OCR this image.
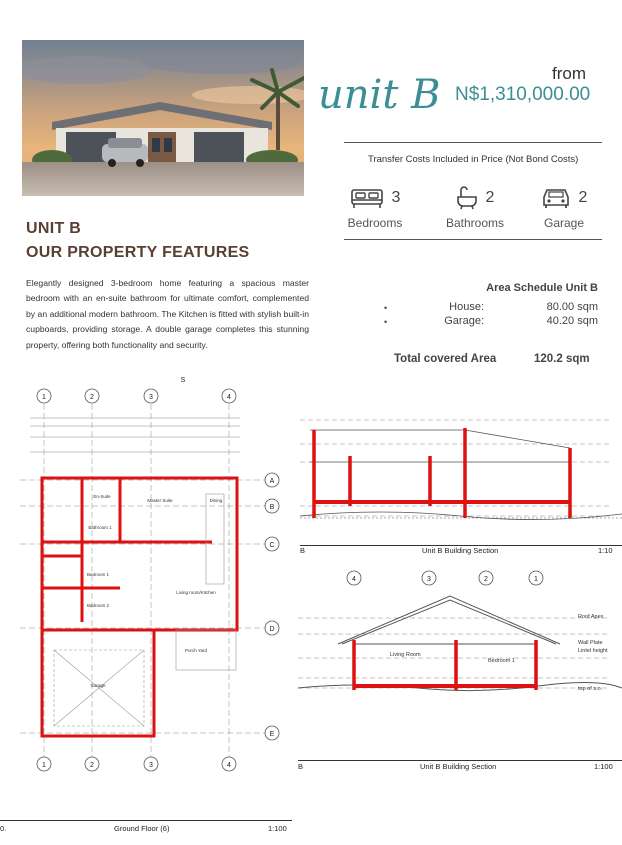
unit B	from
N$1,310,000.00
Transfer Costs Included in Price (Not Bond Costs)
3
Bedrooms
2
Bathrooms
2
Garage
UNIT B
OUR PROPERTY FEATURES
Elegantly designed 3-bedroom home featuring a spacious master bedroom with an en-suite bathroom for ultimate comfort, complemented by an additional modern bathroom. The Kitchen is fitted with stylish built-in cupboards, providing storage. A double garage completes this stunning property, offering both functionality and security.
Area Schedule Unit B
•	House:	80.00 sqm
•	Garage:	40.20 sqm
Total covered Area	120.2 sqm
1	2	3	4
1	2	3	4
A
B
C
D
E
S
Master Suite
En-Suite
Bathroom 1
Bedroom 1
Bedroom 2
Living room/Kitchen
Garage
Porch Yard
Dining
0.	Ground Floor (6)	1:100
B	Unit B Building Section	1:10
4	3	2	1
Living Room
Bedroom 1
Roof Apex
Wall Plate
Lintel height
top of s.o.
B	Unit B Building Section	1:100
